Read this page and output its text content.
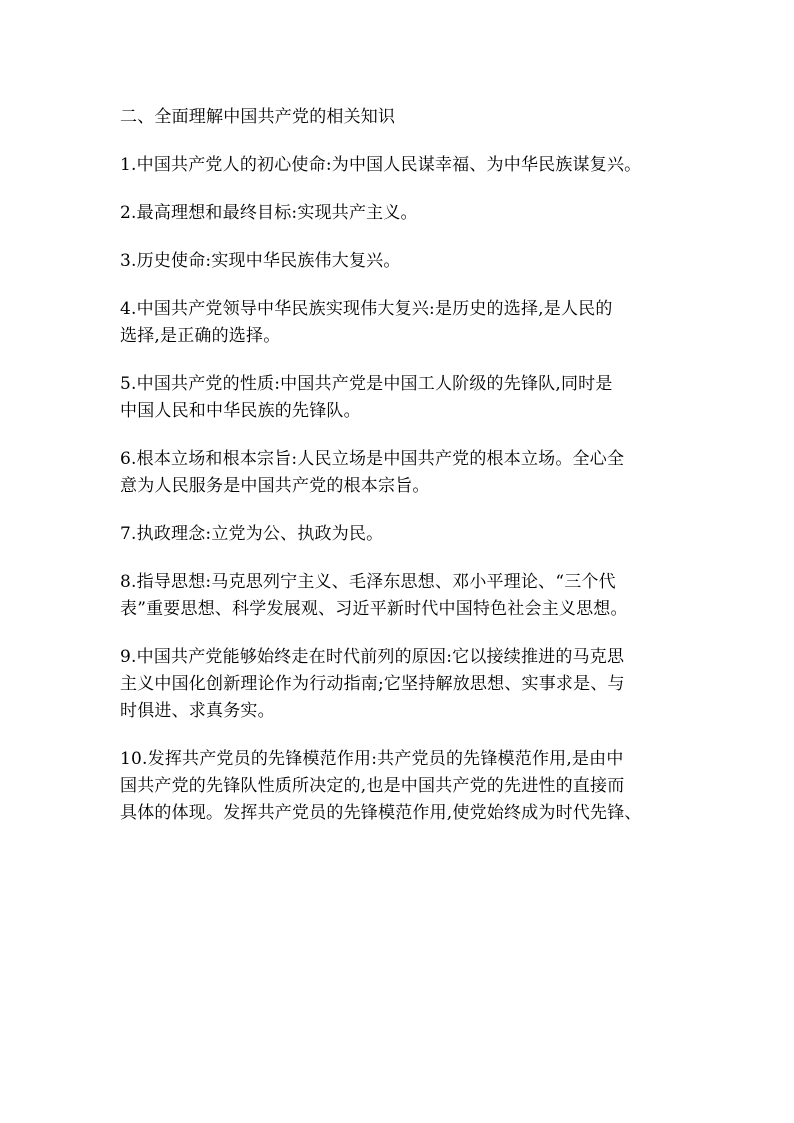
二、全面理解中国共产党的相关知识
1.中国共产党人的初心使命:为中国人民谋幸福、为中华民族谋复兴。
2.最高理想和最终目标:实现共产主义。
3.历史使命:实现中华民族伟大复兴。
4.中国共产党领导中华民族实现伟大复兴:是历史的选择,是人民的
选择,是正确的选择。
5.中国共产党的性质:中国共产党是中国工人阶级的先锋队,同时是
中国人民和中华民族的先锋队。
6.根本立场和根本宗旨:人民立场是中国共产党的根本立场。全心全
意为人民服务是中国共产党的根本宗旨。
7.执政理念:立党为公、执政为民。
8.指导思想:马克思列宁主义、毛泽东思想、邓小平理论、“三个代
表”重要思想、科学发展观、习近平新时代中国特色社会主义思想。
9.中国共产党能够始终走在时代前列的原因:它以接续推进的马克思
主义中国化创新理论作为行动指南;它坚持解放思想、实事求是、与
时俱进、求真务实。
10.发挥共产党员的先锋模范作用:共产党员的先锋模范作用,是由中
国共产党的先锋队性质所决定的,也是中国共产党的先进性的直接而
具体的体现。发挥共产党员的先锋模范作用,使党始终成为时代先锋、
